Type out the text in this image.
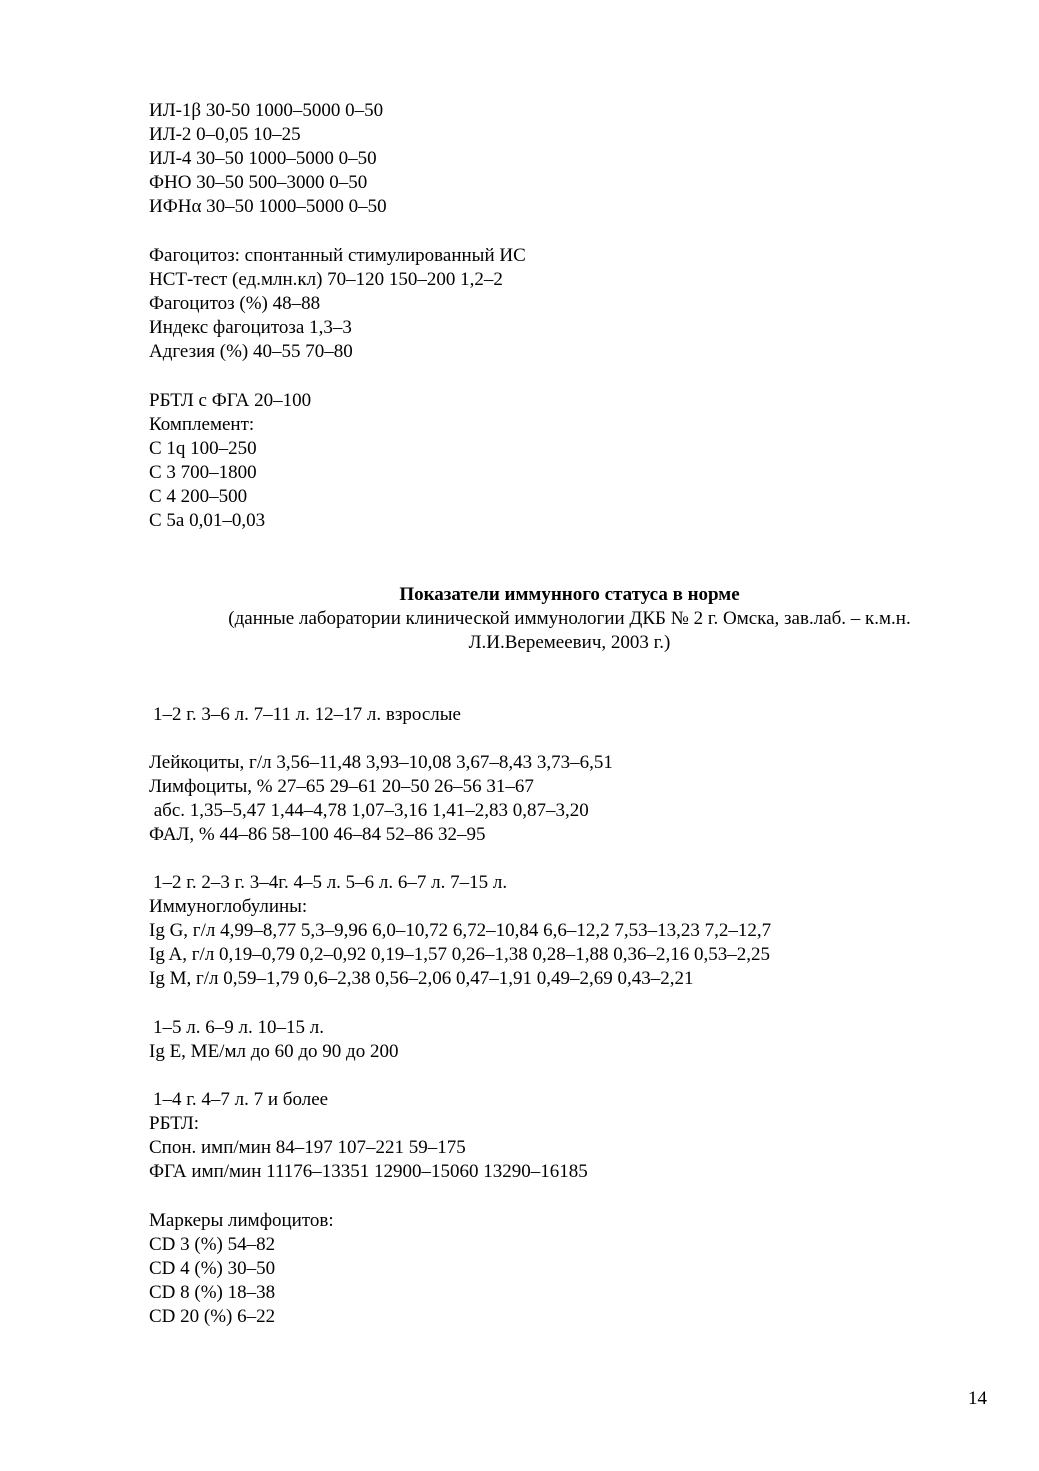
ИЛ-1β 30-50 1000–5000 0–50
ИЛ-2 0–0,05 10–25
ИЛ-4 30–50 1000–5000 0–50
ФНО 30–50 500–3000 0–50
ИФНα 30–50 1000–5000 0–50
Фагоцитоз: спонтанный стимулированный ИС
НСТ-тест (ед.млн.кл) 70–120 150–200 1,2–2
Фагоцитоз (%) 48–88
Индекс фагоцитоза 1,3–3
Адгезия (%) 40–55 70–80
РБТЛ с ФГА 20–100
Комплемент:
С 1q 100–250
С 3 700–1800
С 4 200–500
С 5а 0,01–0,03
Показатели иммунного статуса в норме
(данные лаборатории клинической иммунологии ДКБ № 2 г. Омска, зав.лаб. – к.м.н.
Л.И.Веремеевич, 2003 г.)
1–2 г. 3–6 л. 7–11 л. 12–17 л. взрослые
Лейкоциты, г/л 3,56–11,48 3,93–10,08 3,67–8,43 3,73–6,51
Лимфоциты, % 27–65 29–61 20–50 26–56 31–67
абс. 1,35–5,47 1,44–4,78 1,07–3,16 1,41–2,83 0,87–3,20
ФАЛ, % 44–86 58–100 46–84 52–86 32–95
1–2 г. 2–3 г. 3–4г. 4–5 л. 5–6 л. 6–7 л. 7–15 л.
Иммуноглобулины:
Ig G, г/л 4,99–8,77 5,3–9,96 6,0–10,72 6,72–10,84 6,6–12,2 7,53–13,23 7,2–12,7
Ig A, г/л 0,19–0,79 0,2–0,92 0,19–1,57 0,26–1,38 0,28–1,88 0,36–2,16 0,53–2,25
Ig M, г/л 0,59–1,79 0,6–2,38 0,56–2,06 0,47–1,91 0,49–2,69 0,43–2,21
1–5 л. 6–9 л. 10–15 л.
Ig E, МЕ/мл до 60 до 90 до 200
1–4 г. 4–7 л. 7 и более
РБТЛ:
Спон. имп/мин 84–197 107–221 59–175
ФГА имп/мин 11176–13351 12900–15060 13290–16185
Маркеры лимфоцитов:
CD 3 (%) 54–82
CD 4 (%) 30–50
CD 8 (%) 18–38
CD 20 (%) 6–22
14
